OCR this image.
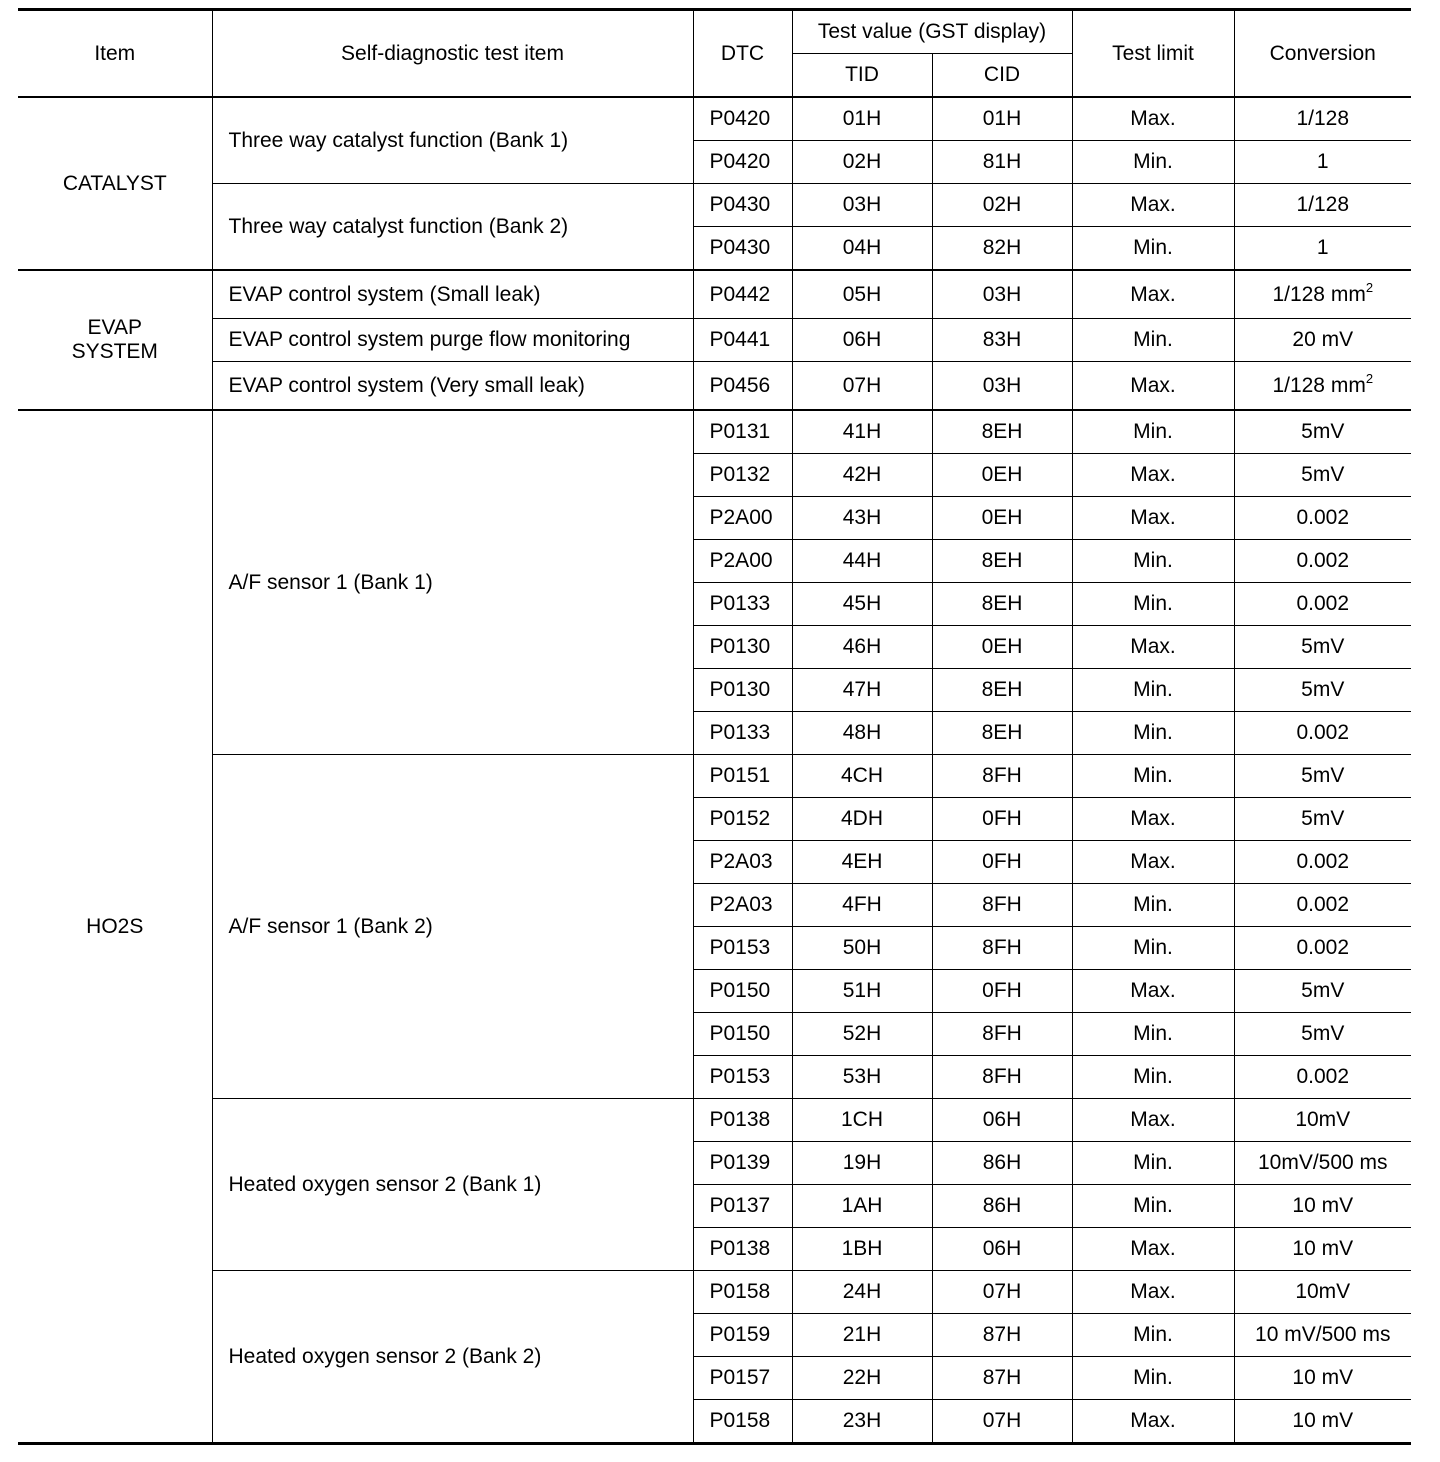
Item	Self-diagnostic test item	DTC	Test value (GST display)		Test limit	Conversion
			TID	CID		
CATALYST	Three way catalyst function (Bank 1)	P0420	01H	01H	Max.	1/128
		P0420	02H	81H	Min.	1
	Three way catalyst function (Bank 2)	P0430	03H	02H	Max.	1/128
		P0430	04H	82H	Min.	1
EVAP SYSTEM	EVAP control system (Small leak)	P0442	05H	03H	Max.	1/128 $mm^2$
	EVAP control system purge flow monitoring	P0441	06H	83H	Min.	20 mV
	EVAP control system (Very small leak)	P0456	07H	03H	Max.	1/128 $mm^2$
HO2S	A/F sensor 1 (Bank 1)	P0131	41H	8EH	Min.	5mV
		P0132	42H	0EH	Max.	5mV
		P2A00	43H	0EH	Max.	0.002
		P2A00	44H	8EH	Min.	0.002
		P0133	45H	8EH	Min.	0.002
		P0130	46H	0EH	Max.	5mV
		P0130	47H	8EH	Min.	5mV
		P0133	48H	8EH	Min.	0.002
	A/F sensor 1 (Bank 2)	P0151	4CH	8FH	Min.	5mV
		P0152	4DH	0FH	Max.	5mV
		P2A03	4EH	0FH	Max.	0.002
		P2A03	4FH	8FH	Min.	0.002
		P0153	50H	8FH	Min.	0.002
		P0150	51H	0FH	Max.	5mV
		P0150	52H	8FH	Min.	5mV
		P0153	53H	8FH	Min.	0.002
	Heated oxygen sensor 2 (Bank 1)	P0138	1CH	06H	Max.	10mV
		P0139	19H	86H	Min.	10mV/500 ms
		P0137	1AH	86H	Min.	10 mV
		P0138	1BH	06H	Max.	10 mV
	Heated oxygen sensor 2 (Bank 2)	P0158	24H	07H	Max.	10mV
		P0159	21H	87H	Min.	10 mV/500 ms
		P0157	22H	87H	Min.	10 mV
		P0158	23H	07H	Max.	10 mV
